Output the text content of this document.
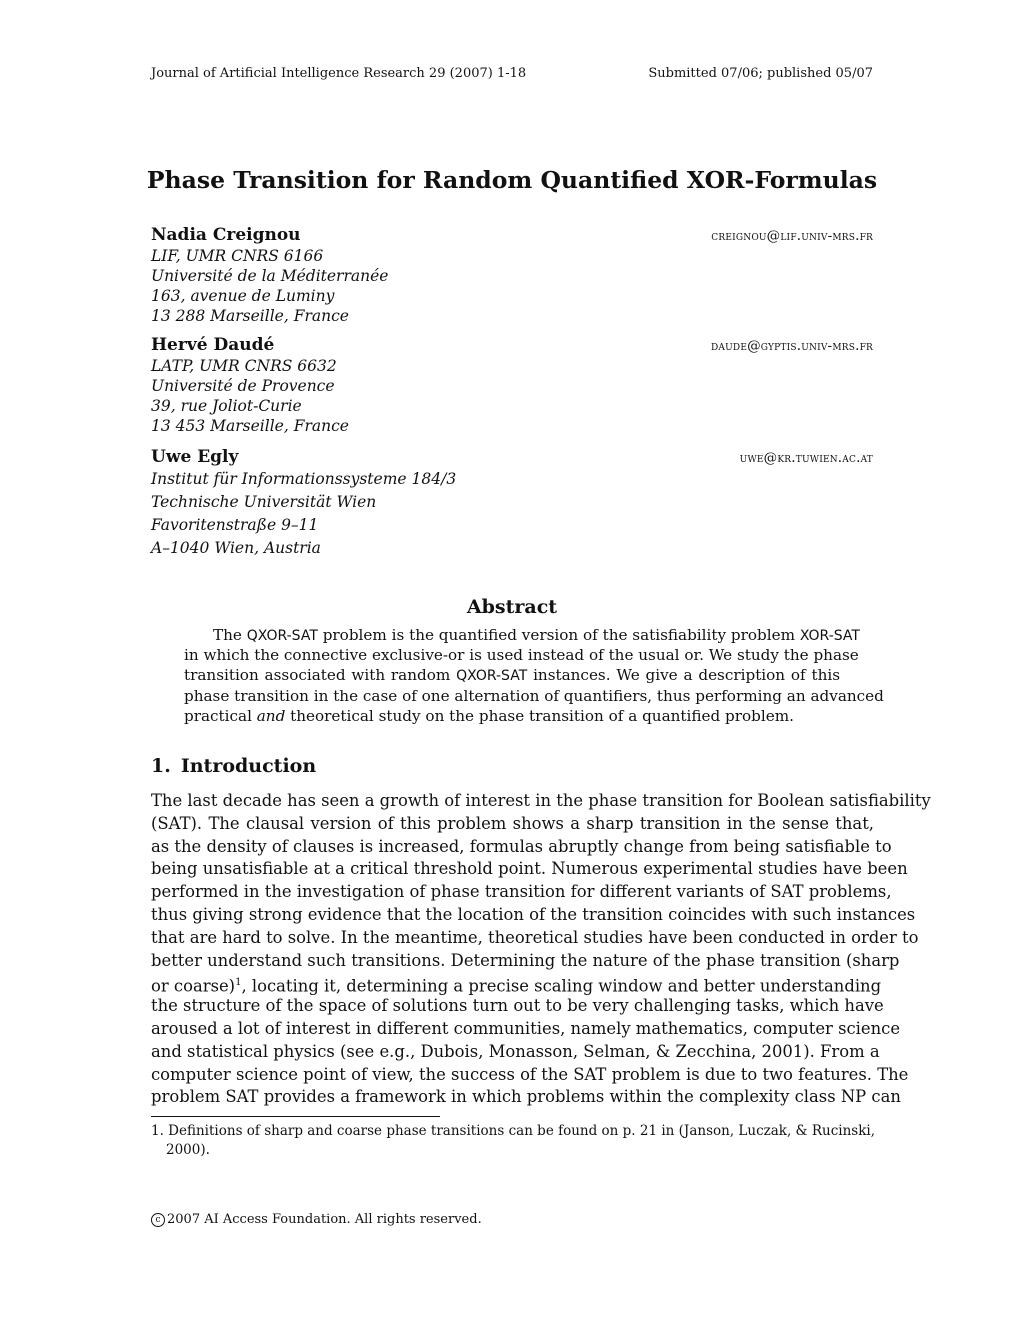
Journal of Artificial Intelligence Research 29 (2007) 1-18	Submitted 07/06; published 05/07
Phase Transition for Random Quantified XOR-Formulas
Nadia Creignou	creignou@lif.univ-mrs.fr
LIF, UMR CNRS 6166
Université de la Méditerranée
163, avenue de Luminy
13 288 Marseille, France
Hervé Daudé	daude@gyptis.univ-mrs.fr
LATP, UMR CNRS 6632
Université de Provence
39, rue Joliot-Curie
13 453 Marseille, France
Uwe Egly	uwe@kr.tuwien.ac.at
Institut für Informationssysteme 184/3
Technische Universität Wien
Favoritenstraße 9–11
A–1040 Wien, Austria
Abstract
The QXOR-SAT problem is the quantified version of the satisfiability problem XOR-SAT
in which the connective exclusive-or is used instead of the usual or. We study the phase
transition associated with random QXOR-SAT instances. We give a description of this
phase transition in the case of one alternation of quantifiers, thus performing an advanced
practical and theoretical study on the phase transition of a quantified problem.
1. Introduction
The last decade has seen a growth of interest in the phase transition for Boolean satisfiability
(SAT). The clausal version of this problem shows a sharp transition in the sense that,
as the density of clauses is increased, formulas abruptly change from being satisfiable to
being unsatisfiable at a critical threshold point. Numerous experimental studies have been
performed in the investigation of phase transition for different variants of SAT problems,
thus giving strong evidence that the location of the transition coincides with such instances
that are hard to solve. In the meantime, theoretical studies have been conducted in order to
better understand such transitions. Determining the nature of the phase transition (sharp
or coarse)$^1$, locating it, determining a precise scaling window and better understanding
the structure of the space of solutions turn out to be very challenging tasks, which have
aroused a lot of interest in different communities, namely mathematics, computer science
and statistical physics (see e.g., Dubois, Monasson, Selman, & Zecchina, 2001). From a
computer science point of view, the success of the SAT problem is due to two features. The
problem SAT provides a framework in which problems within the complexity class NP can
1. Definitions of sharp and coarse phase transitions can be found on p. 21 in (Janson, Luczak, & Rucinski,
2000).
c 2007 AI Access Foundation. All rights reserved.
